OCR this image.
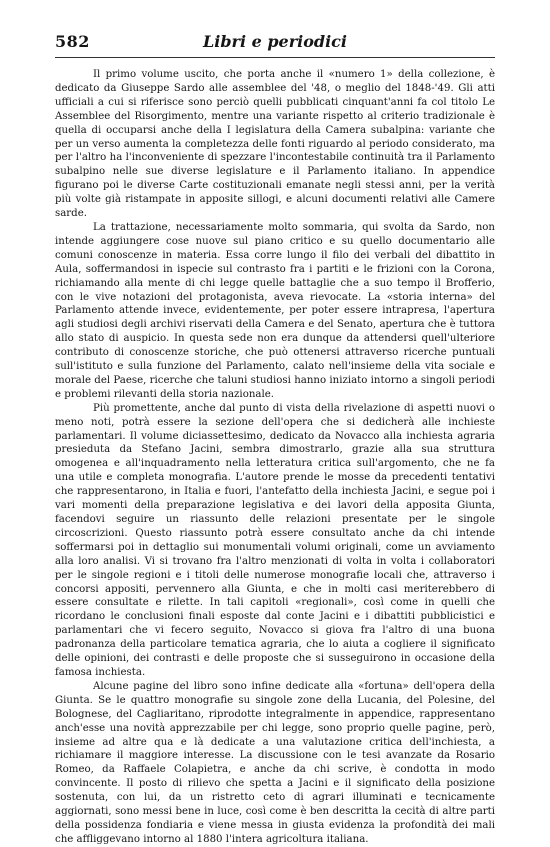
582	Libri e periodici

Il primo volume uscito, che porta anche il «numero 1» della collezione, è dedicato da Giuseppe Sardo alle assemblee del '48, o meglio del 1848-'49. Gli atti ufficiali a cui si riferisce sono perciò quelli pubblicati cinquant'anni fa col titolo Le Assemblee del Risorgimento, mentre una variante rispetto al criterio tradizionale è quella di occuparsi anche della I legislatura della Camera subalpina: variante che per un verso aumenta la completezza delle fonti riguardo al periodo considerato, ma per l'altro ha l'inconveniente di spezzare l'incontestabile continuità tra il Parlamento subalpino nelle sue diverse legislature e il Parlamento italiano. In appendice figurano poi le diverse Carte costituzionali emanate negli stessi anni, per la verità più volte già ristampate in apposite sillogi, e alcuni documenti relativi alle Camere sarde.

La trattazione, necessariamente molto sommaria, qui svolta da Sardo, non intende aggiungere cose nuove sul piano critico e su quello documentario alle comuni conoscenze in materia. Essa corre lungo il filo dei verbali del dibattito in Aula, soffermandosi in ispecie sul contrasto fra i partiti e le frizioni con la Corona, richiamando alla mente di chi legge quelle battaglie che a suo tempo il Brofferio, con le vive notazioni del protagonista, aveva rievocate. La «storia interna» del Parlamento attende invece, evidentemente, per poter essere intrapresa, l'apertura agli studiosi degli archivi riservati della Camera e del Senato, apertura che è tuttora allo stato di auspicio. In questa sede non era dunque da attendersi quell'ulteriore contributo di conoscenze storiche, che può ottenersi attraverso ricerche puntuali sull'istituto e sulla funzione del Parlamento, calato nell'insieme della vita sociale e morale del Paese, ricerche che taluni studiosi hanno iniziato intorno a singoli periodi e problemi rilevanti della storia nazionale.

Più promettente, anche dal punto di vista della rivelazione di aspetti nuovi o meno noti, potrà essere la sezione dell'opera che si dedicherà alle inchieste parlamentari. Il volume diciassettesimo, dedicato da Novacco alla inchiesta agraria presieduta da Stefano Jacini, sembra dimostrarlo, grazie alla sua struttura omogenea e all'inquadramento nella letteratura critica sull'argomento, che ne fa una utile e completa monografia. L'autore prende le mosse da precedenti tentativi che rappresentarono, in Italia e fuori, l'antefatto della inchiesta Jacini, e segue poi i vari momenti della preparazione legislativa e dei lavori della apposita Giunta, facendovi seguire un riassunto delle relazioni presentate per le singole circoscrizioni. Questo riassunto potrà essere consultato anche da chi intende soffermarsi poi in dettaglio sui monumentali volumi originali, come un avviamento alla loro analisi. Vi si trovano fra l'altro menzionati di volta in volta i collaboratori per le singole regioni e i titoli delle numerose monografie locali che, attraverso i concorsi appositi, pervennero alla Giunta, e che in molti casi meriterebbero di essere consultate e rilette. In tali capitoli «regionali», così come in quelli che ricordano le conclusioni finali esposte dal conte Jacini e i dibattiti pubblicistici e parlamentari che vi fecero seguito, Novacco si giova fra l'altro di una buona padronanza della particolare tematica agraria, che lo aiuta a cogliere il significato delle opinioni, dei contrasti e delle proposte che si susseguirono in occasione della famosa inchiesta.

Alcune pagine del libro sono infine dedicate alla «fortuna» dell'opera della Giunta. Se le quattro monografie su singole zone della Lucania, del Polesine, del Bolognese, del Cagliaritano, riprodotte integralmente in appendice, rappresentano anch'esse una novità apprezzabile per chi legge, sono proprio quelle pagine, però, insieme ad altre qua e là dedicate a una valutazione critica dell'inchiesta, a richiamare il maggiore interesse. La discussione con le tesi avanzate da Rosario Romeo, da Raffaele Colapietra, e anche da chi scrive, è condotta in modo convincente. Il posto di rilievo che spetta a Jacini e il significato della posizione sostenuta, con lui, da un ristretto ceto di agrari illuminati e tecnicamente aggiornati, sono messi bene in luce, così come è ben descritta la cecità di altre parti della possidenza fondiaria e viene messa in giusta evidenza la profondità dei mali che affliggevano intorno al 1880 l'intera agricoltura italiana.
